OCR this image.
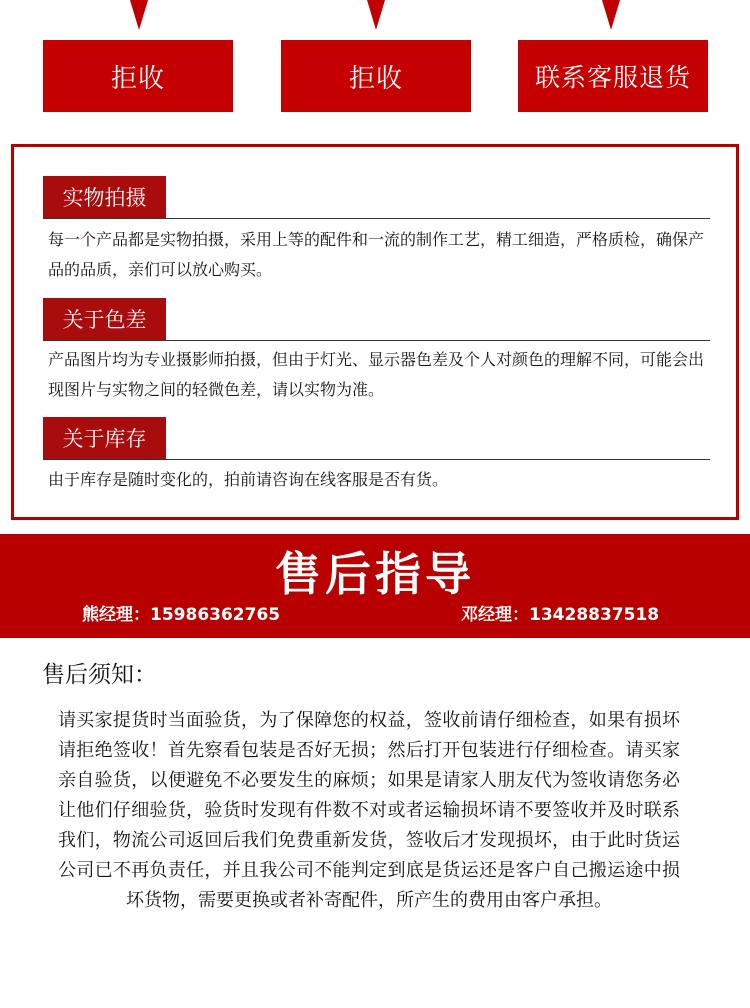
拒收	拒收	联系客服退货
实物拍摄
每一个产品都是实物拍摄，采用上等的配件和一流的制作工艺，精工细造，严格质检，确保产品的品质，亲们可以放心购买。
关于色差
产品图片均为专业摄影师拍摄，但由于灯光、显示器色差及个人对颜色的理解不同，可能会出现图片与实物之间的轻微色差，请以实物为准。
关于库存
由于库存是随时变化的，拍前请咨询在线客服是否有货。
售后指导
熊经理：15986362765	邓经理：13428837518
售后须知：
请买家提货时当面验货，为了保障您的权益，签收前请仔细检查，如果有损坏请拒绝签收！首先察看包装是否好无损；然后打开包装进行仔细检查。请买家亲自验货，以便避免不必要发生的麻烦；如果是请家人朋友代为签收请您务必让他们仔细验货，验货时发现有件数不对或者运输损坏请不要签收并及时联系我们，物流公司返回后我们免费重新发货，签收后才发现损坏，由于此时货运公司已不再负责任，并且我公司不能判定到底是货运还是客户自己搬运途中损坏货物，需要更换或者补寄配件，所产生的费用由客户承担。
